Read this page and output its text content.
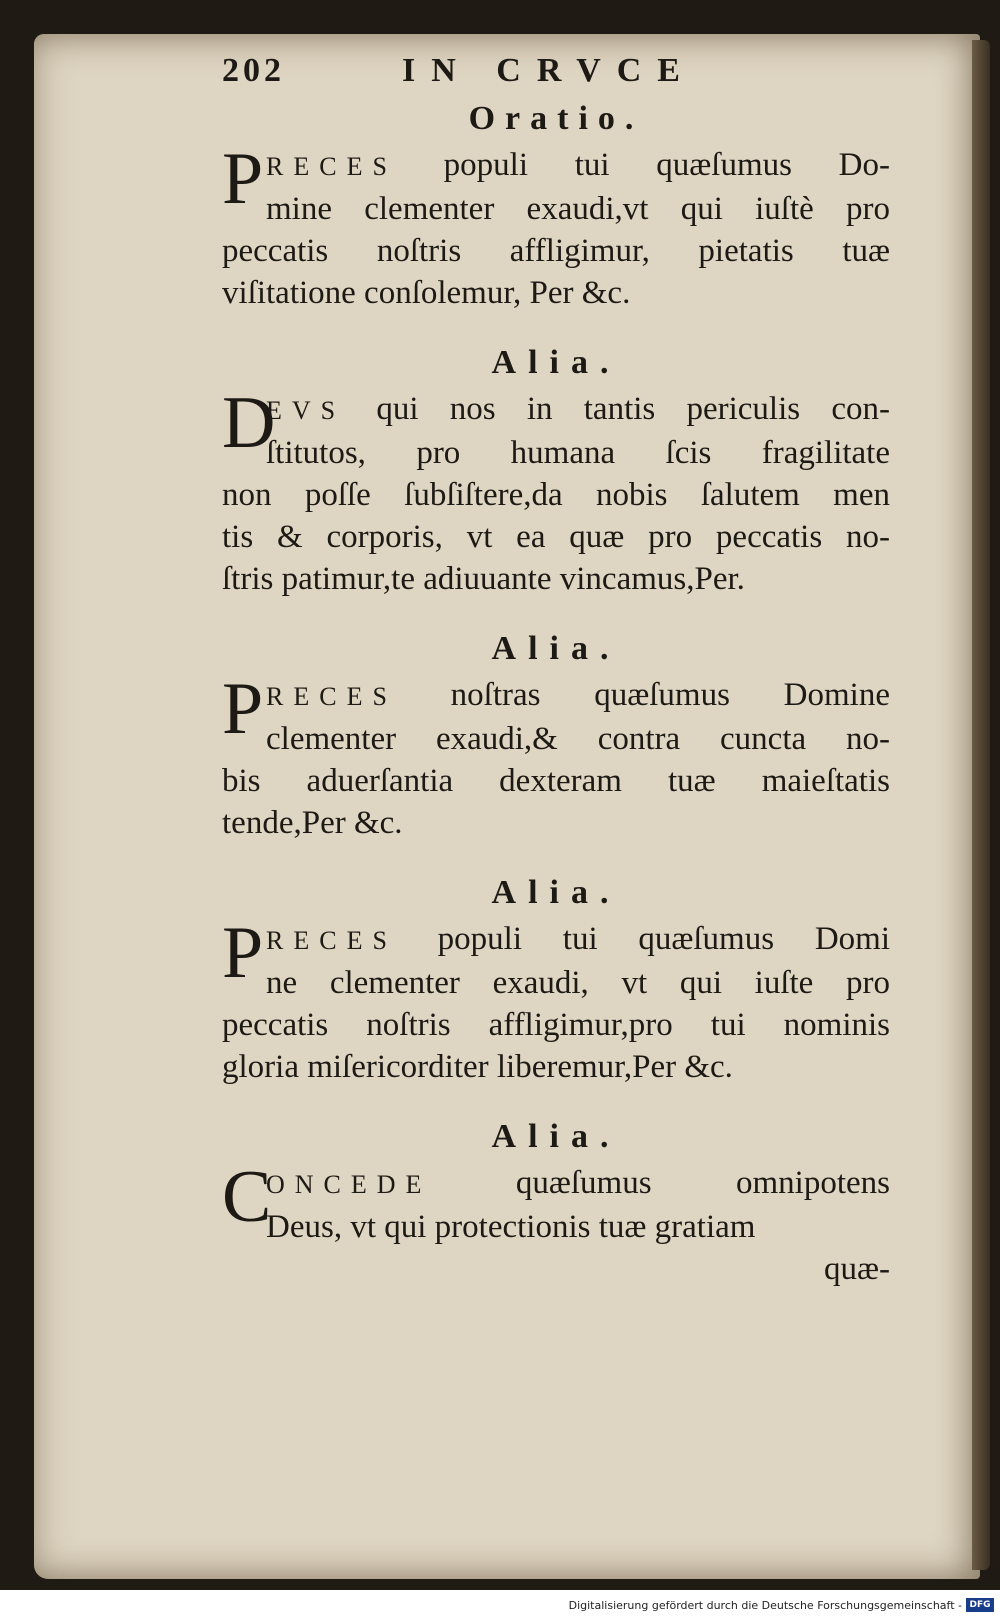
202	IN CRVCE
Oratio.
P RECES populi tui quæſumus Do-
mine clementer exaudi,vt qui iuſtè pro
peccatis noſtris affligimur, pietatis tuæ
viſitatione conſolemur, Per &c.
Alia.
D
EVS qui nos in tantis periculis con-
ſtitutos, pro humana ſcis fragilitate
non poſſe ſubſiſtere,da nobis ſalutem men
tis & corporis, vt ea quæ pro peccatis no-
ſtris patimur,te adiuuante vincamus,Per.
Alia.
P RECES noſtras quæſumus Domine
clementer exaudi,& contra cuncta no-
bis aduerſantia dexteram tuæ maieſtatis
tende,Per &c.
Alia.
P RECES populi tui quæſumus Domi
ne clementer exaudi, vt qui iuſte pro
peccatis noſtris affligimur,pro tui nominis
gloria miſericorditer liberemur,Per &c.
Alia.
C
ONCEDE quæſumus omnipotens
Deus, vt qui protectionis tuæ gratiam
quæ-
Digitalisierung gefördert durch die Deutsche Forschungsgemeinschaft - DFG
